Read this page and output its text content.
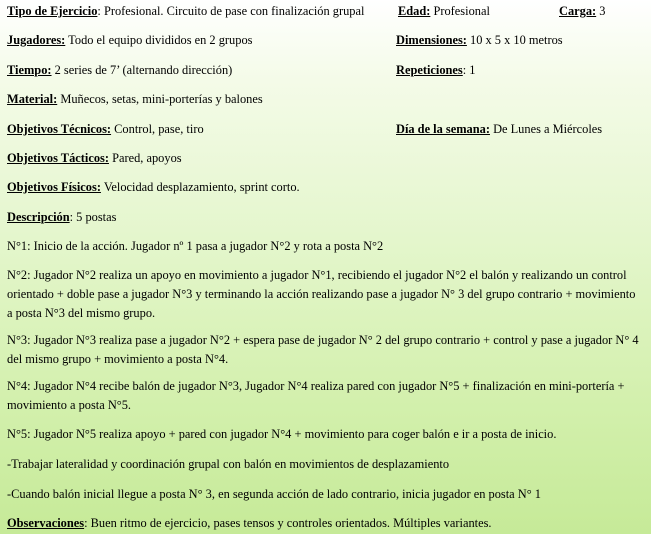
Tipo de Ejercicio: Profesional. Circuito de pase con finalización grupal	Edad: Profesional	Carga: 3
Jugadores: Todo el equipo divididos en 2 grupos	Dimensiones: 10 x 5 x 10 metros
Tiempo: 2 series de 7’ (alternando dirección)	Repeticiones: 1
Material: Muñecos, setas, mini-porterías y balones
Objetivos Técnicos: Control, pase, tiro	Día de la semana: De Lunes a Miércoles
Objetivos Tácticos: Pared, apoyos
Objetivos Físicos: Velocidad desplazamiento, sprint corto.
Descripción: 5 postas
N°1: Inicio de la acción. Jugador nº 1 pasa a jugador N°2 y rota a posta N°2
N°2: Jugador N°2 realiza un apoyo en movimiento a jugador N°1, recibiendo el jugador N°2 el balón y realizando un control orientado + doble pase a jugador N°3 y terminando la acción realizando pase a jugador N° 3 del grupo contrario + movimiento a posta N°3 del mismo grupo.
N°3: Jugador N°3 realiza pase a jugador N°2 + espera pase de jugador N° 2 del grupo contrario + control y pase a jugador N° 4 del mismo grupo + movimiento a posta N°4.
N°4: Jugador N°4 recibe balón de jugador N°3, Jugador N°4 realiza pared con jugador N°5 + finalización en mini-portería + movimiento a posta N°5.
N°5: Jugador N°5 realiza apoyo + pared con jugador N°4 + movimiento para coger balón e ir a posta de inicio.
-Trabajar lateralidad y coordinación grupal con balón en movimientos de desplazamiento
-Cuando balón inicial llegue a posta N° 3, en segunda acción de lado contrario, inicia jugador en posta N° 1
Observaciones: Buen ritmo de ejercicio, pases tensos y controles orientados. Múltiples variantes.
